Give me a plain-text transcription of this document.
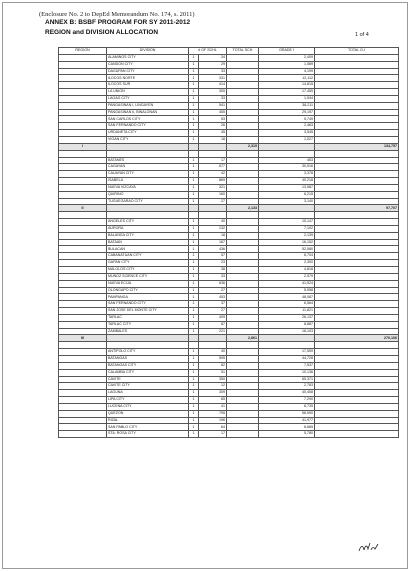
(Enclosure No. 2 to DepEd Memorandum No. 174, s. 2011)
ANNEX B: BSBF PROGRAM FOR SY 2011-2012
REGION and DIVISION ALLOCATION	1 of 4
REGION	DIVISION	# OF SCHL		TOTAL SCH	GRADE I	TOTAL G-I
	ALAMINOS CITY	1	34		2,409	
	CANDON CITY	1	29		1,589	
	DAGUPAN CITY	1	33		4,199	
	ILOCOS NORTE	1	331		12,112	
	ILOCOS SUR	1	414		14,815	
	LA UNION	1	305		17,455	
	LAOAG CITY	1	33		1,944	
	PANGASINAN I, LINGAYEN	1	541		38,211	
	PANGASINAN II, BINALONAN	1	455		29,197	
	SAN CARLOS CITY	1	53		5,749	
	SAN FERNANDO CITY	1	26		2,463	
	URDANETA CITY	1	45		3,545	
	VIGAN CITY	1	18		1,027	
I				2,319		134,757

	BATANES	1	17		463	
	CAGAYAN	1	577		30,916	
	CAUAYAN CITY	1	42		3,378	
	ISABELA	1	869		40,218	
	NUEVA VIZCAYA	1	321		13,587	
	QUIRINO	1	160		6,215	
	TUGUEGARAO CITY	1	27		3,140	
II				2,133		97,707

	ANGELES CITY	1	40		10,147	
	AURORA	1	132		7,102	
	BALANGA CITY	1	18		2,139	
	BATAAN	1	167		16,152	
	BULACAN	1	436		52,580	
	CABANATUAN CITY	1	57		6,704	
	GAPAN CITY	1	23		2,300	
	MALOLOS CITY	1	38		4,818	
	MUNOZ SCIENCE CITY	1	33		2,579	
	NUEVA ECIJA	1	636		41,524	
	OLONGAPO CITY	1	27		5,958	
	PAMPANGA	1	453		48,087	
	SAN FERNANDO CITY	1	37		6,564	
	SAN JOSE DEL MONTE CITY	1	27		11,821	
	TARLAC	1	409		26,137	
	TARLAC CITY	1	87		8,887	
	ZAMBALES	1	221		16,103	
III				2,861		270,106

	ANTIPOLO CITY	1	40		17,559	
	BATANGAS	1	595		44,728	
	BATANGAS CITY	1	82		7,537	
	CALAMBA CITY	1	51		10,136	
	CAVITE	1	350		65,371	
	CAVITE CITY	1	12		2,763	
	LAGUNA	1	309		40,458	
	LIPA CITY	1	65		7,290	
	LUCENA CITY	1	41		6,735	
	QUEZON	1	795		58,590	
	RIZAL	1	196		41,977	
	SAN PABLO CITY	1	64		6,689	
	STA. ROSA CITY	1	17		5,780	
